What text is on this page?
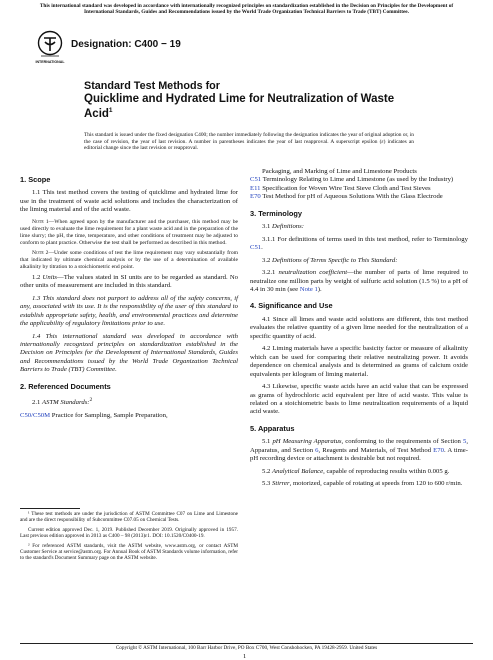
This international standard was developed in accordance with internationally recognized principles on standardization established in the Decision on Principles for the Development of International Standards, Guides and Recommendations issued by the World Trade Organization Technical Barriers to Trade (TBT) Committee.
INTERNATIONAL
Designation: C400 − 19
Standard Test Methods for
Quicklime and Hydrated Lime for Neutralization of Waste Acid$^1$
This standard is issued under the fixed designation C400; the number immediately following the designation indicates the year of original adoption or, in the case of revision, the year of last revision. A number in parentheses indicates the year of last reapproval. A superscript epsilon (ε) indicates an editorial change since the last revision or reapproval.
1. Scope

1.1 This test method covers the testing of quicklime and hydrated lime for use in the treatment of waste acid solutions and includes the characterization of the liming material and of the acid waste.

Note 1—When agreed upon by the manufacturer and the purchaser, this method may be used directly to evaluate the lime requirement for a plant waste acid and in the preparation of the lime slurry; the pH, the time, temperature, and other conditions of treatment may be adjusted to conform to plant practice. Otherwise the test shall be performed as described in this method.

Note 2—Under some conditions of test the lime requirement may vary substantially from that indicated by ultimate chemical analysis or by the use of a determination of available alkalinity by titration to a stoichiometric end point.

1.2 Units—The values stated in SI units are to be regarded as standard. No other units of measurement are included in this standard.

1.3 This standard does not purport to address all of the safety concerns, if any, associated with its use. It is the responsibility of the user of this standard to establish appropriate safety, health, and environmental practices and determine the applicability of regulatory limitations prior to use.

1.4 This international standard was developed in accordance with internationally recognized principles on standardization established in the Decision on Principles for the Development of International Standards, Guides and Recommendations issued by the World Trade Organization Technical Barriers to Trade (TBT) Committee.

2. Referenced Documents

2.1 ASTM Standards:$^2$

C50/C50M Practice for Sampling, Sample Preparation,

¹ These test methods are under the jurisdiction of ASTM Committee C07 on Lime and Limestone and are the direct responsibility of Subcommittee C07.05 on Chemical Tests.

Current edition approved Dec. 1, 2019. Published December 2019. Originally approved in 1957. Last previous edition approved in 2013 as C400 – 98 (2013)ε1. DOI: 10.1520/C0400-19.

² For referenced ASTM standards, visit the ASTM website, www.astm.org, or contact ASTM Customer Service at service@astm.org. For Annual Book of ASTM Standards volume information, refer to the standard's Document Summary page on the ASTM website.

Packaging, and Marking of Lime and Limestone Products

C51 Terminology Relating to Lime and Limestone (as used by the Industry)

E11 Specification for Woven Wire Test Sieve Cloth and Test Sieves

E70 Test Method for pH of Aqueous Solutions With the Glass Electrode

3. Terminology

3.1 Definitions:

3.1.1 For definitions of terms used in this test method, refer to Terminology C51.

3.2 Definitions of Terms Specific to This Standard:

3.2.1 neutralization coefficient—the number of parts of lime required to neutralize one million parts by weight of sulfuric acid solution (1.5 %) to a pH of 4.4 in 30 min (see Note 1).

4. Significance and Use

4.1 Since all limes and waste acid solutions are different, this test method evaluates the relative quantity of a given lime needed for the neutralization of a specific quantity of acid.

4.2 Liming materials have a specific basicity factor or measure of alkalinity which can be used for comparing their relative neutralizing power. It avoids dependence on chemical analysis and is determined as grams of calcium oxide equivalents per kilogram of liming material.

4.3 Likewise, specific waste acids have an acid value that can be expressed as grams of hydrochloric acid equivalent per litre of acid waste. This value is related on a stoichiometric basis to lime neutralization requirements of a liquid acid waste.

5. Apparatus

5.1 pH Measuring Apparatus, conforming to the requirements of Section 5, Apparatus, and Section 6, Reagents and Materials, of Test Method E70. A time-pH recording device or attachment is desirable but not required.

5.2 Analytical Balance, capable of reproducing results within 0.005 g.

5.3 Stirrer, motorized, capable of rotating at speeds from 120 to 600 r/min.

Copyright © ASTM International, 100 Barr Harbor Drive, PO Box C700, West Conshohocken, PA 19428-2959. United States
1
